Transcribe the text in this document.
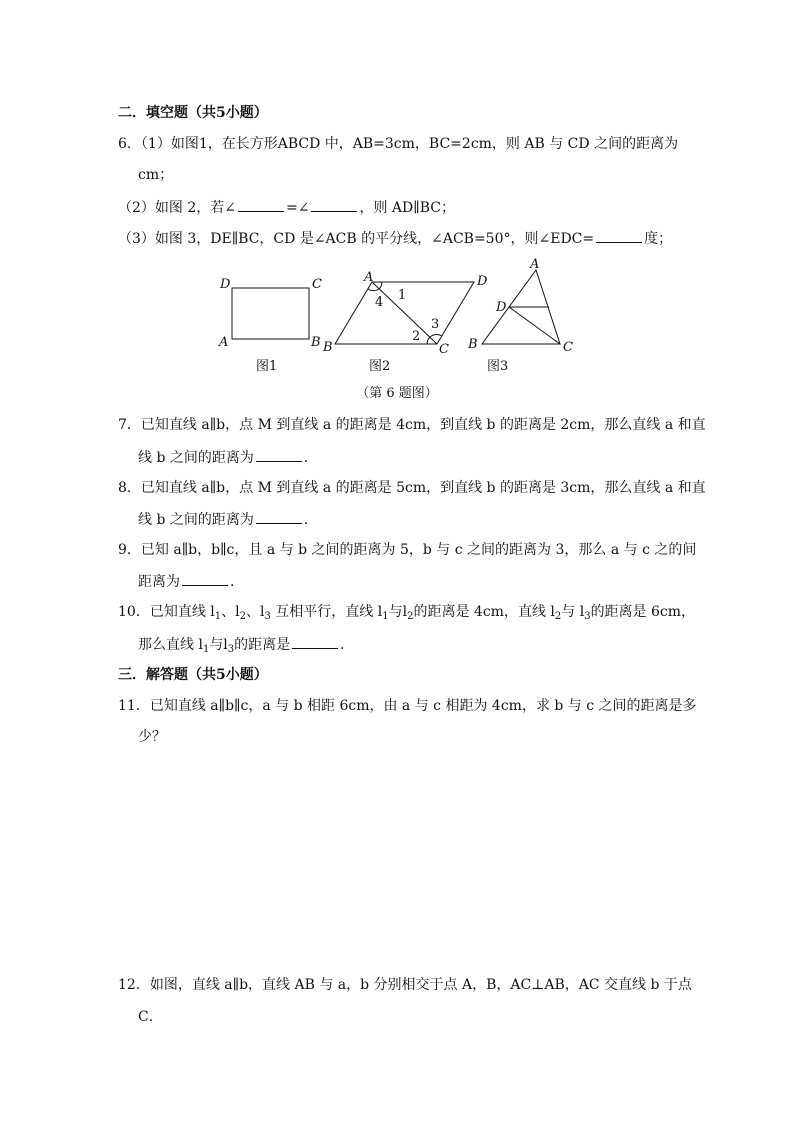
二．填空题（共5小题）
6．（1）如图1，在长方形ABCD 中，AB=3cm，BC=2cm，则 AB 与 CD 之间的距离为
cm；
（2）如图 2，若∠	=∠	，则 AD∥BC；
（3）如图 3，DE∥BC，CD 是∠ACB 的平分线，∠ACB=50°，则∠EDC=	度；
D	C
A	B
图1
A	D
B	C
1
4
2
3
图2
A
D
B	C
图3
（第 6 题图）
7．已知直线 a∥b，点 M 到直线 a 的距离是 4cm，到直线 b 的距离是 2cm，那么直线 a 和直
线 b 之间的距离为	．
8．已知直线 a∥b，点 M 到直线 a 的距离是 5cm，到直线 b 的距离是 3cm，那么直线 a 和直
线 b 之间的距离为	．
9．已知 a∥b，b∥c，且 a 与 b 之间的距离为 5，b 与 c 之间的距离为 3，那么 a 与 c 之的间
距离为	．
10．已知直线 $l_1$、$l_2$、$l_3$ 互相平行，直线 $l_1$与$l_2$的距离是 4cm，直线 $l_2$与 $l_3$的距离是 6cm，
那么直线 $l_1$与$l_3$的距离是	．
三．解答题（共5小题）
11．已知直线 a∥b∥c，a 与 b 相距 6cm，由 a 与 c 相距为 4cm，求 b 与 c 之间的距离是多
少？
12．如图，直线 a∥b，直线 AB 与 a，b 分别相交于点 A，B，AC⊥AB，AC 交直线 b 于点
C．
